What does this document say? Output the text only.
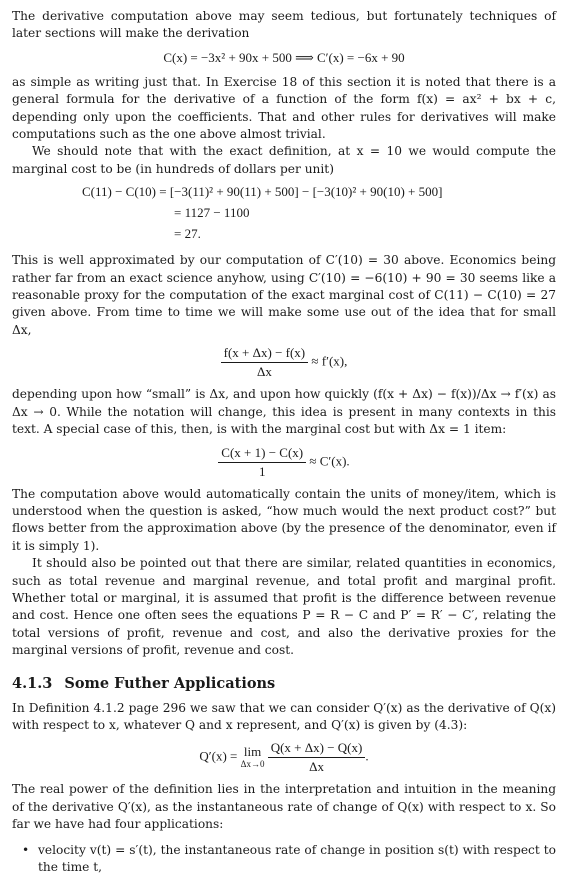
The derivative computation above may seem tedious, but fortunately techniques of later sections will make the derivation

C(x) = −3x² + 90x + 500 ⟹ C′(x) = −6x + 90

as simple as writing just that. In Exercise 18 of this section it is noted that there is a general formula for the derivative of a function of the form f(x) = ax² + bx + c, depending only upon the coefficients. That and other rules for derivatives will make computations such as the one above almost trivial.

We should note that with the exact definition, at x = 10 we would compute the marginal cost to be (in hundreds of dollars per unit)

C(11) − C(10) = [−3(11)² + 90(11) + 500] − [−3(10)² + 90(10) + 500]
= 1127 − 1100
= 27.

This is well approximated by our computation of C′(10) = 30 above. Economics being rather far from an exact science anyhow, using C′(10) = −6(10) + 90 = 30 seems like a reasonable proxy for the computation of the exact marginal cost of C(11) − C(10) = 27 given above. From time to time we will make some use out of the idea that for small Δx,

$\frac{f(x + \Delta x) - f(x)}{\Delta x} \approx f'(x)$,

depending upon how “small” is Δx, and upon how quickly (f(x + Δx) − f(x))/Δx → f′(x) as Δx → 0. While the notation will change, this idea is present in many contexts in this text. A special case of this, then, is with the marginal cost but with Δx = 1 item:

$\frac{C(x + 1) - C(x)}{1} \approx C'(x)$.

The computation above would automatically contain the units of money/item, which is understood when the question is asked, “how much would the next product cost?” but flows better from the approximation above (by the presence of the denominator, even if it is simply 1).

It should also be pointed out that there are similar, related quantities in economics, such as total revenue and marginal revenue, and total profit and marginal profit. Whether total or marginal, it is assumed that profit is the difference between revenue and cost. Hence one often sees the equations P = R − C and P′ = R′ − C′, relating the total versions of profit, revenue and cost, and also the derivative proxies for the marginal versions of profit, revenue and cost.

4.1.3 Some Futher Applications

In Definition 4.1.2 page 296 we saw that we can consider Q′(x) as the derivative of Q(x) with respect to x, whatever Q and x represent, and Q′(x) is given by (4.3):

Q′(x) = lim
Δx→0
$\frac{Q(x + \Delta x) - Q(x)}{\Delta x}$ .

The real power of the definition lies in the interpretation and intuition in the meaning of the derivative Q′(x), as the instantaneous rate of change of Q(x) with respect to x. So far we have had four applications:

• velocity v(t) = s′(t), the instantaneous rate of change in position s(t) with respect to the time t,
